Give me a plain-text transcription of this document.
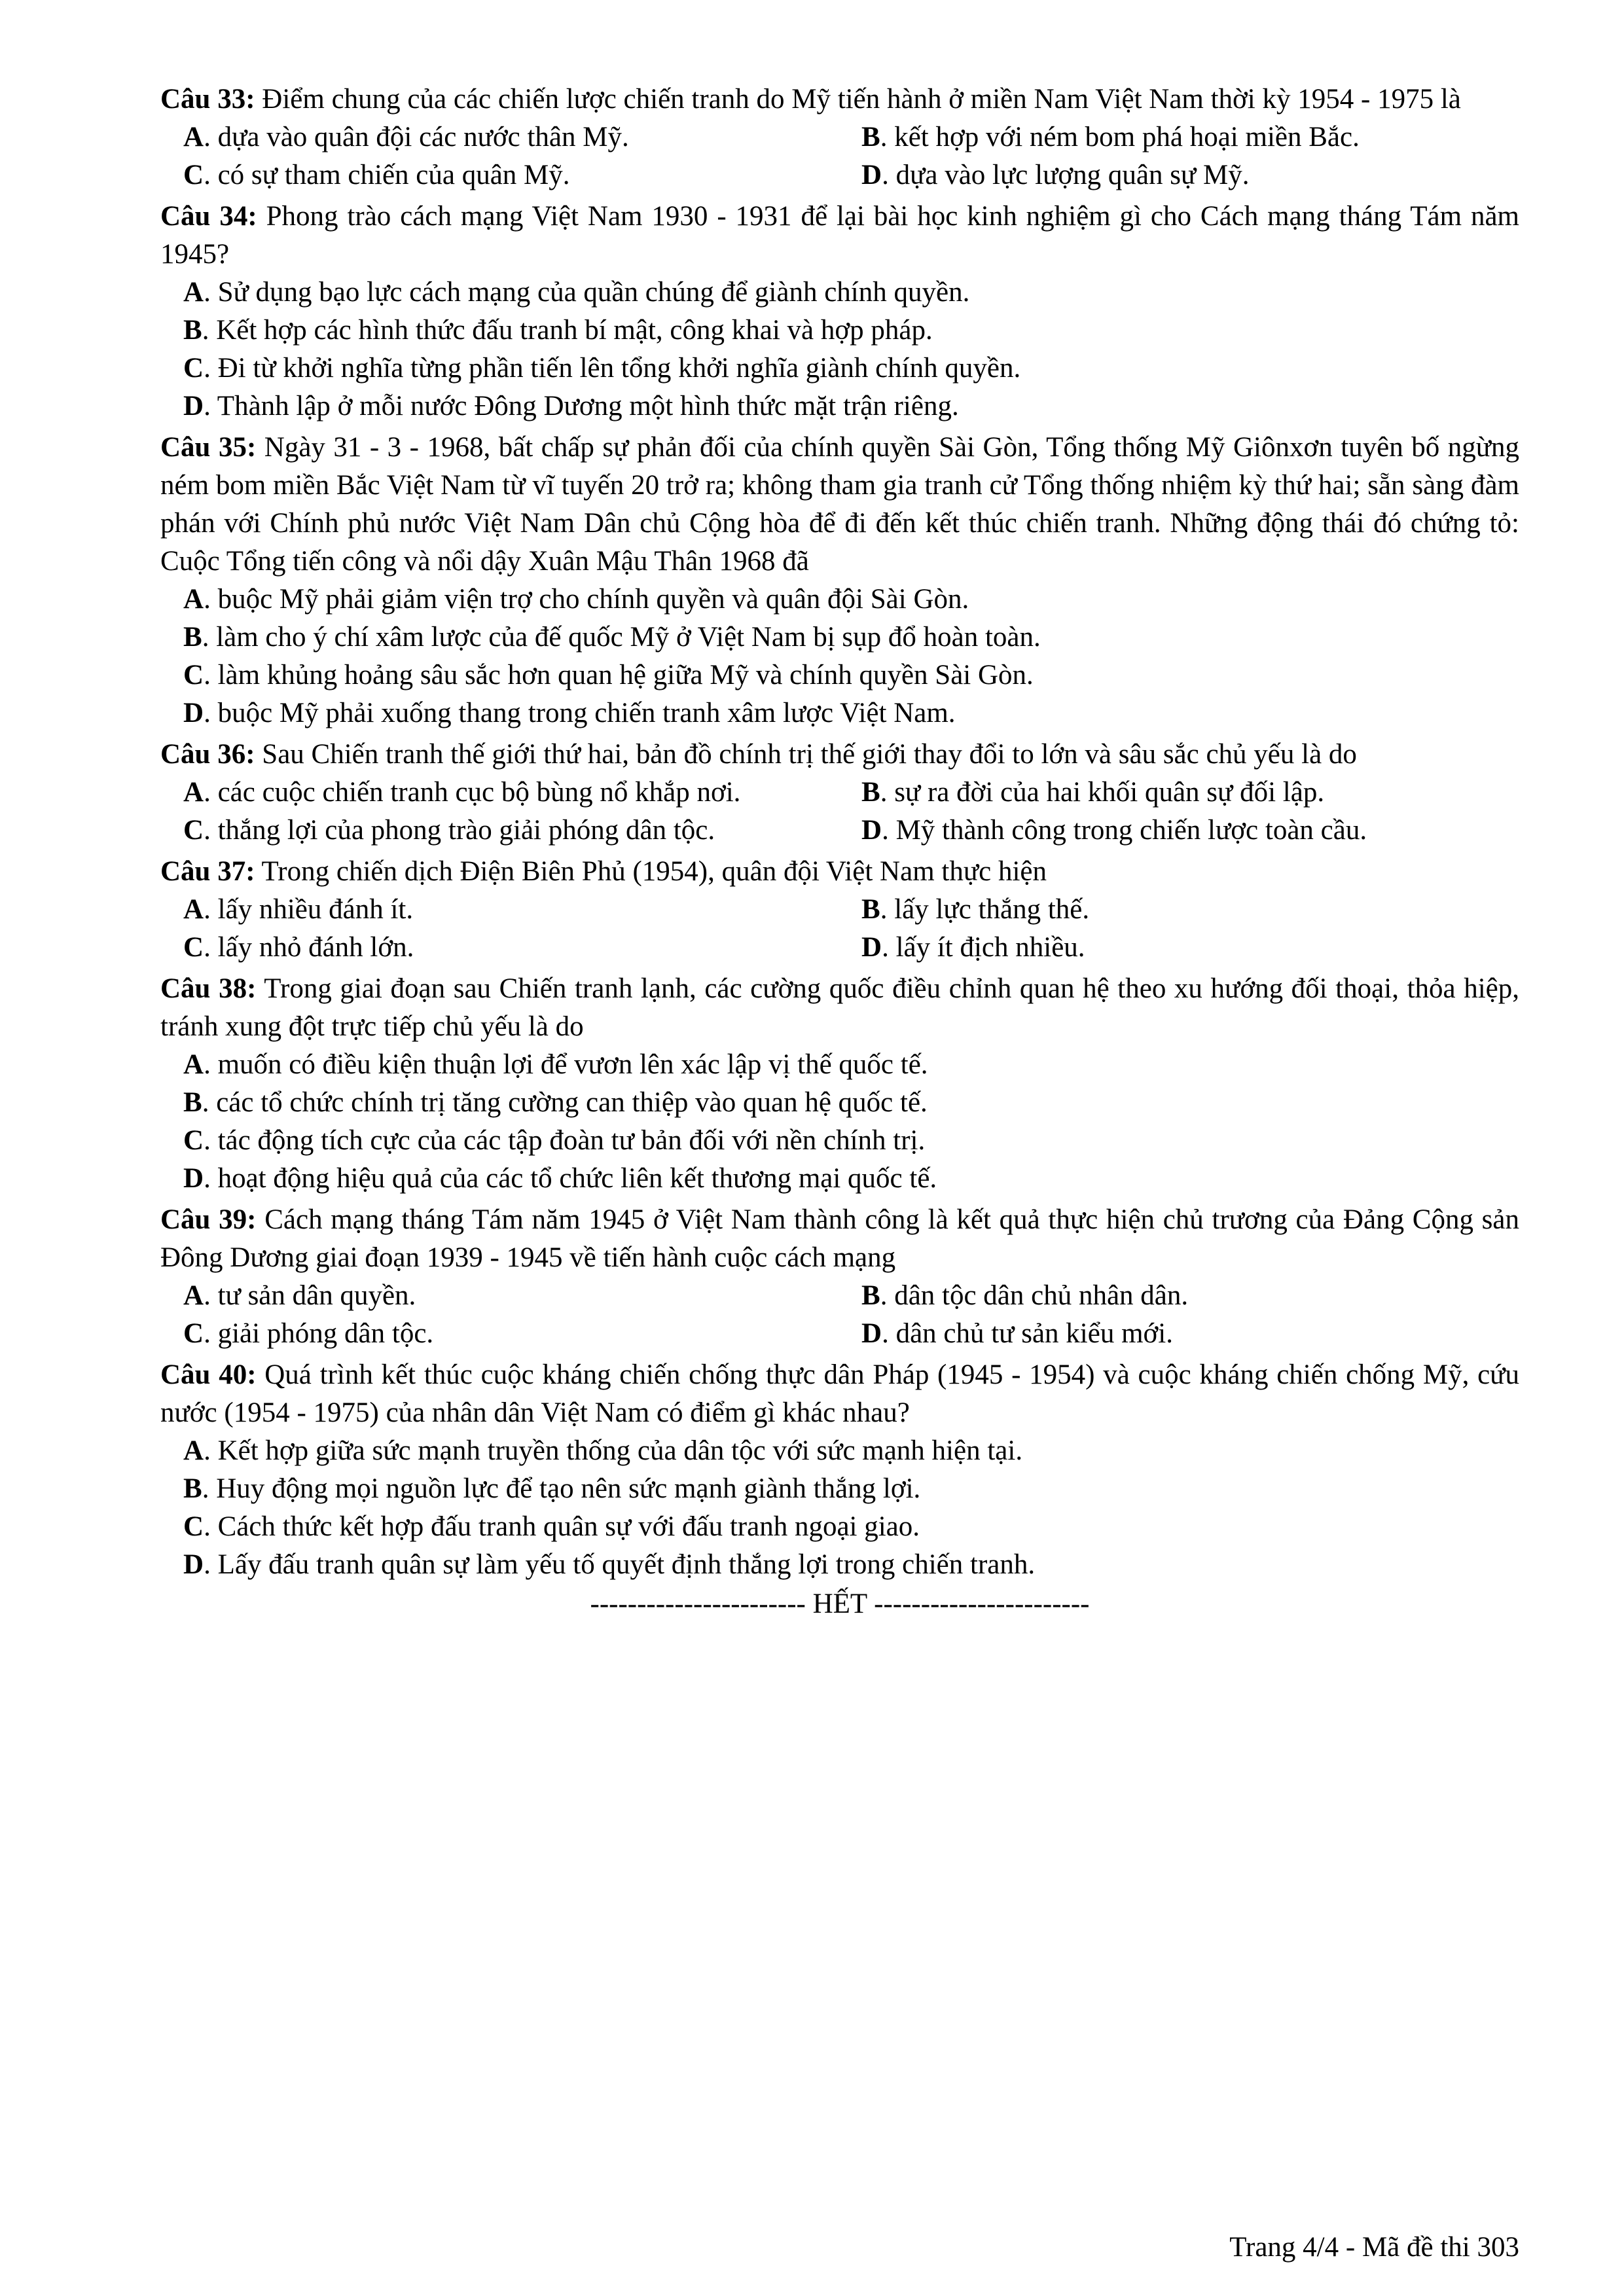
Câu 33: Điểm chung của các chiến lược chiến tranh do Mỹ tiến hành ở miền Nam Việt Nam thời kỳ 1954 - 1975 là
A. dựa vào quân đội các nước thân Mỹ.	B. kết hợp với ném bom phá hoại miền Bắc.
C. có sự tham chiến của quân Mỹ.	D. dựa vào lực lượng quân sự Mỹ.
Câu 34: Phong trào cách mạng Việt Nam 1930 - 1931 để lại bài học kinh nghiệm gì cho Cách mạng tháng Tám năm 1945?
A. Sử dụng bạo lực cách mạng của quần chúng để giành chính quyền.
B. Kết hợp các hình thức đấu tranh bí mật, công khai và hợp pháp.
C. Đi từ khởi nghĩa từng phần tiến lên tổng khởi nghĩa giành chính quyền.
D. Thành lập ở mỗi nước Đông Dương một hình thức mặt trận riêng.
Câu 35: Ngày 31 - 3 - 1968, bất chấp sự phản đối của chính quyền Sài Gòn, Tổng thống Mỹ Giônxơn tuyên bố ngừng ném bom miền Bắc Việt Nam từ vĩ tuyến 20 trở ra; không tham gia tranh cử Tổng thống nhiệm kỳ thứ hai; sẵn sàng đàm phán với Chính phủ nước Việt Nam Dân chủ Cộng hòa để đi đến kết thúc chiến tranh. Những động thái đó chứng tỏ: Cuộc Tổng tiến công và nổi dậy Xuân Mậu Thân 1968 đã
A. buộc Mỹ phải giảm viện trợ cho chính quyền và quân đội Sài Gòn.
B. làm cho ý chí xâm lược của đế quốc Mỹ ở Việt Nam bị sụp đổ hoàn toàn.
C. làm khủng hoảng sâu sắc hơn quan hệ giữa Mỹ và chính quyền Sài Gòn.
D. buộc Mỹ phải xuống thang trong chiến tranh xâm lược Việt Nam.
Câu 36: Sau Chiến tranh thế giới thứ hai, bản đồ chính trị thế giới thay đổi to lớn và sâu sắc chủ yếu là do
A. các cuộc chiến tranh cục bộ bùng nổ khắp nơi.	B. sự ra đời của hai khối quân sự đối lập.
C. thắng lợi của phong trào giải phóng dân tộc.	D. Mỹ thành công trong chiến lược toàn cầu.
Câu 37: Trong chiến dịch Điện Biên Phủ (1954), quân đội Việt Nam thực hiện
A. lấy nhiều đánh ít.	B. lấy lực thắng thế.
C. lấy nhỏ đánh lớn.	D. lấy ít địch nhiều.
Câu 38: Trong giai đoạn sau Chiến tranh lạnh, các cường quốc điều chỉnh quan hệ theo xu hướng đối thoại, thỏa hiệp, tránh xung đột trực tiếp chủ yếu là do
A. muốn có điều kiện thuận lợi để vươn lên xác lập vị thế quốc tế.
B. các tổ chức chính trị tăng cường can thiệp vào quan hệ quốc tế.
C. tác động tích cực của các tập đoàn tư bản đối với nền chính trị.
D. hoạt động hiệu quả của các tổ chức liên kết thương mại quốc tế.
Câu 39: Cách mạng tháng Tám năm 1945 ở Việt Nam thành công là kết quả thực hiện chủ trương của Đảng Cộng sản Đông Dương giai đoạn 1939 - 1945 về tiến hành cuộc cách mạng
A. tư sản dân quyền.	B. dân tộc dân chủ nhân dân.
C. giải phóng dân tộc.	D. dân chủ tư sản kiểu mới.
Câu 40: Quá trình kết thúc cuộc kháng chiến chống thực dân Pháp (1945 - 1954) và cuộc kháng chiến chống Mỹ, cứu nước (1954 - 1975) của nhân dân Việt Nam có điểm gì khác nhau?
A. Kết hợp giữa sức mạnh truyền thống của dân tộc với sức mạnh hiện tại.
B. Huy động mọi nguồn lực để tạo nên sức mạnh giành thắng lợi.
C. Cách thức kết hợp đấu tranh quân sự với đấu tranh ngoại giao.
D. Lấy đấu tranh quân sự làm yếu tố quyết định thắng lợi trong chiến tranh.
----------------------- HẾT -----------------------
Trang 4/4 - Mã đề thi 303
